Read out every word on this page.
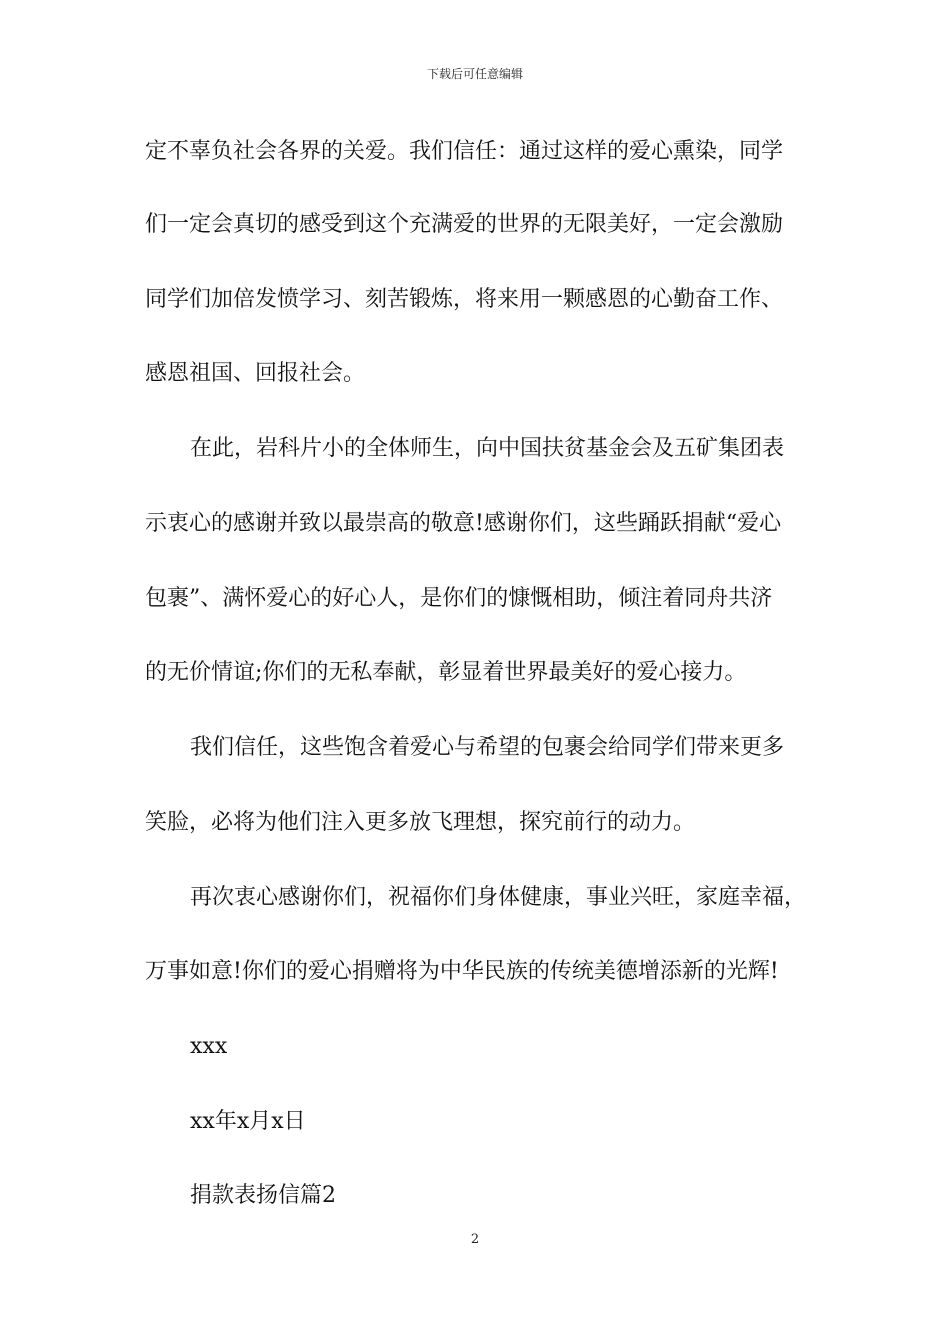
下载后可任意编辑
定不辜负社会各界的关爱。我们信任：通过这样的爱心熏染，同学
们一定会真切的感受到这个充满爱的世界的无限美好，一定会激励
同学们加倍发愤学习、刻苦锻炼，将来用一颗感恩的心勤奋工作、
感恩祖国、回报社会。
在此，岩科片小的全体师生，向中国扶贫基金会及五矿集团表
示衷心的感谢并致以最崇高的敬意!感谢你们，这些踊跃捐献“爱心
包裹”、满怀爱心的好心人，是你们的慷慨相助，倾注着同舟共济
的无价情谊;你们的无私奉献，彰显着世界最美好的爱心接力。
我们信任，这些饱含着爱心与希望的包裹会给同学们带来更多
笑脸，必将为他们注入更多放飞理想，探究前行的动力。
再次衷心感谢你们，祝福你们身体健康，事业兴旺，家庭幸福，
万事如意!你们的爱心捐赠将为中华民族的传统美德增添新的光辉!
xxx
xx年x月x日
捐款表扬信篇2
2
